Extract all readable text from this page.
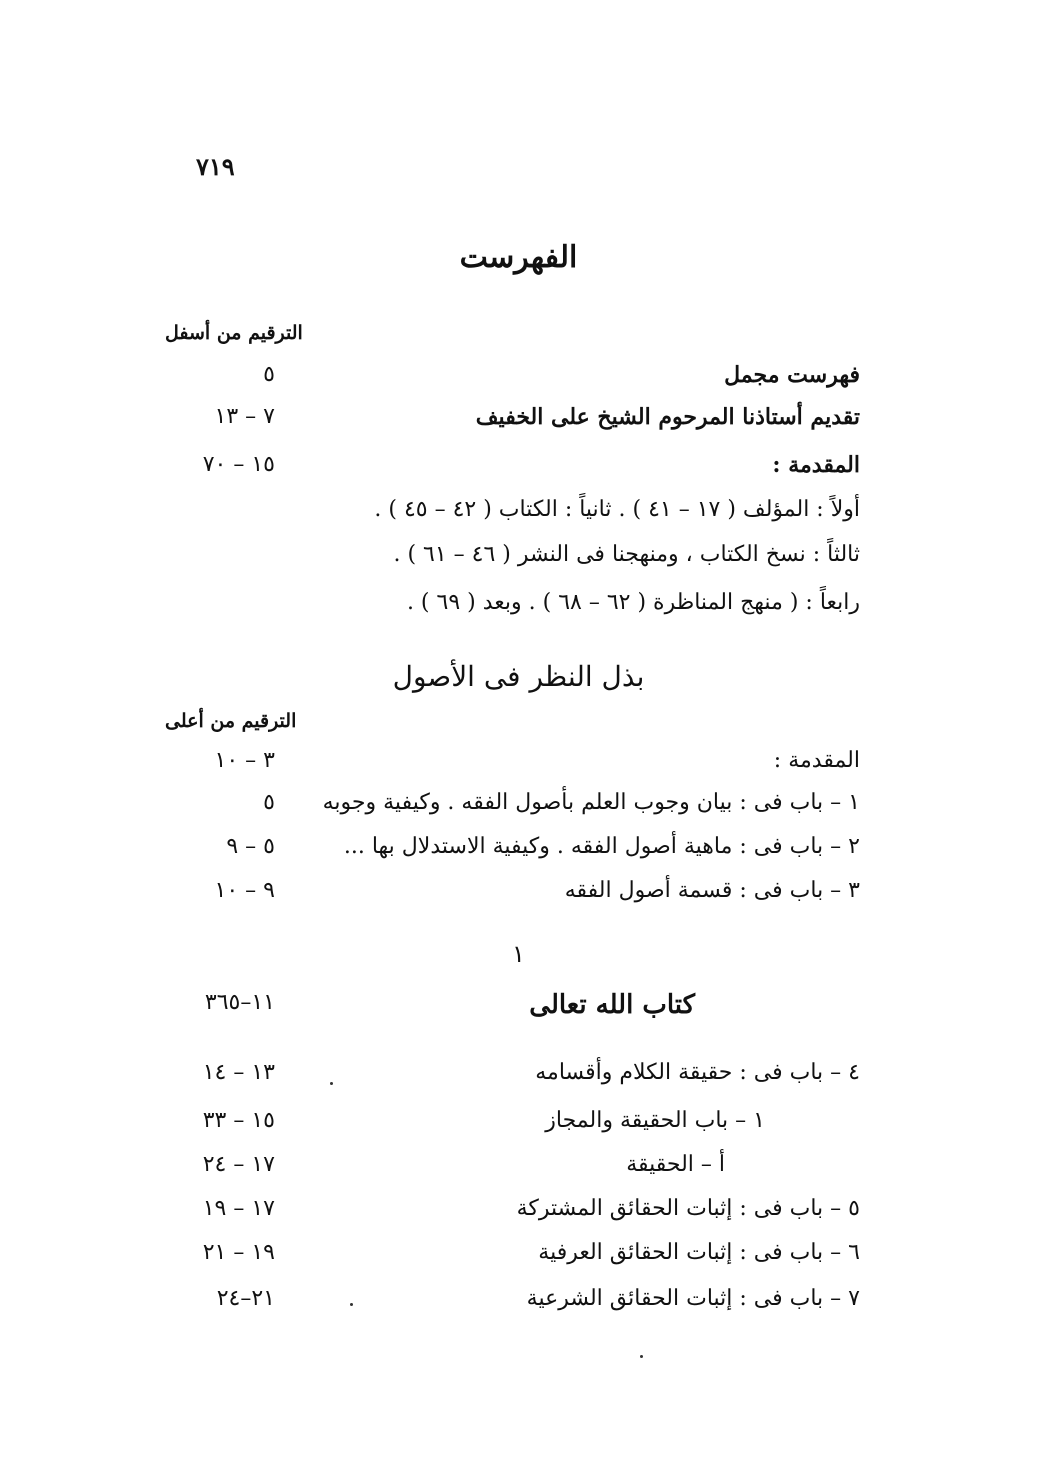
٧١٩
الفهرست
الترقيم من أسفل
فهرست مجمل
٥
تقديم أستاذنا المرحوم الشيخ على الخفيف
٧ – ١٣
المقدمة :
١٥ – ٧٠
أولاً : المؤلف ( ١٧ – ٤١ ) . ثانياً : الكتاب ( ٤٢ – ٤٥ ) .
ثالثاً : نسخ الكتاب ، ومنهجنا فى النشر ( ٤٦ – ٦١ ) .
رابعاً : ( منهج المناظرة ( ٦٢ – ٦٨ ) . وبعد ( ٦٩ ) .
بذل النظر فى الأصول
الترقيم من أعلى
المقدمة :
٣ – ١٠
١ – باب فى : بيان وجوب العلم بأصول الفقه . وكيفية وجوبه
٥
٢ – باب فى : ماهية أصول الفقه . وكيفية الاستدلال بها ...
٥ – ٩
٣ – باب فى : قسمة أصول الفقه
٩ – ١٠
١
كتاب الله تعالى
١١–٣٦٥
٤ – باب فى : حقيقة الكلام وأقسامه
١٣ – ١٤
١ – باب الحقيقة والمجاز
١٥ – ٣٣
أ – الحقيقة
١٧ – ٢٤
٥ – باب فى : إثبات الحقائق المشتركة
١٧ – ١٩
٦ – باب فى : إثبات الحقائق العرفية
١٩ – ٢١
٧ – باب فى : إثبات الحقائق الشرعية
٢١–٢٤
